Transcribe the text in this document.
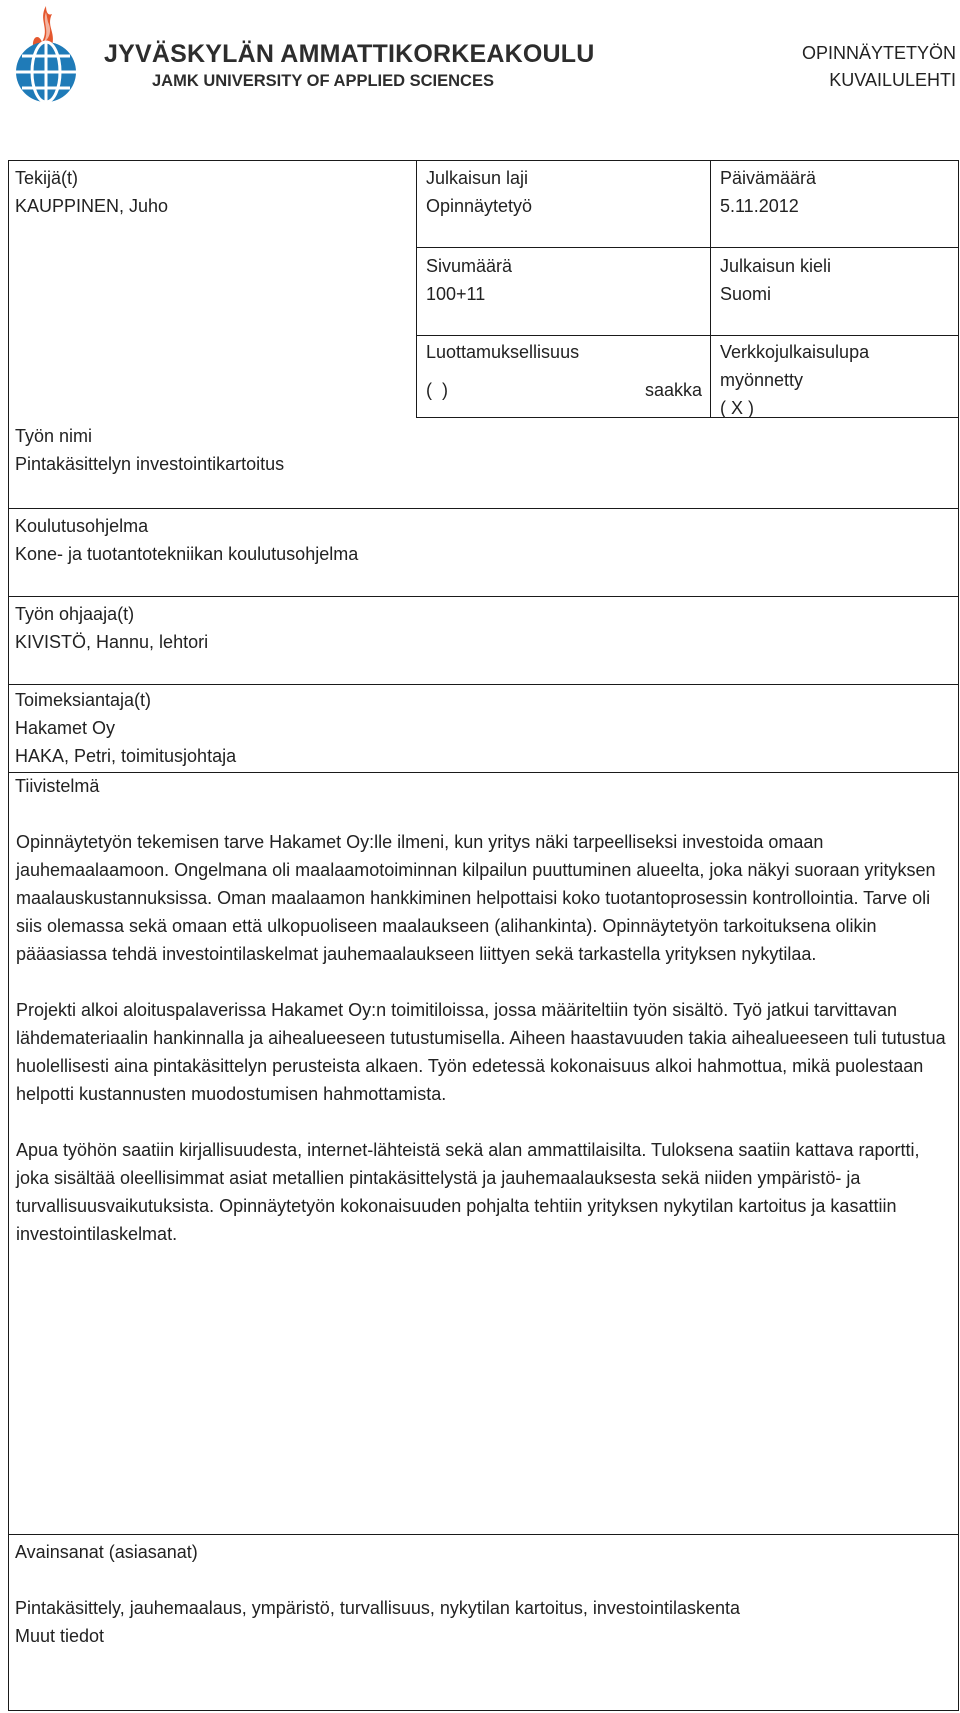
JYVÄSKYLÄN AMMATTIKORKEAKOULU
JAMK UNIVERSITY OF APPLIED SCIENCES
OPINNÄYTETYÖN
KUVAILULEHTI
Tekijä(t)
KAUPPINEN, Juho
Julkaisun laji
Opinnäytetyö
Päivämäärä
5.11.2012
Sivumäärä
100+11
Julkaisun kieli
Suomi
Luottamuksellisuus
(  )	saakka
Verkkojulkaisulupa
myönnetty
( X )
Työn nimi
Pintakäsittelyn investointikartoitus
Koulutusohjelma
Kone- ja tuotantotekniikan koulutusohjelma
Työn ohjaaja(t)
KIVISTÖ, Hannu, lehtori
Toimeksiantaja(t)
Hakamet Oy
HAKA, Petri, toimitusjohtaja
Tiivistelmä

Opinnäytetyön tekemisen tarve Hakamet Oy:lle ilmeni, kun yritys näki tarpeelliseksi investoida omaan jauhemaalaamoon. Ongelmana oli maalaamotoiminnan kilpailun puuttuminen alueelta, joka näkyi suoraan yrityksen maalauskustannuksissa. Oman maalaamon hankkiminen helpottaisi koko tuotantoprosessin kontrollointia. Tarve oli siis olemassa sekä omaan että ulkopuoliseen maalaukseen (alihankinta). Opinnäytetyön tarkoituksena olikin pääasiassa tehdä investointilaskelmat jauhemaalaukseen liittyen sekä tarkastella yrityksen nykytilaa.

Projekti alkoi aloituspalaverissa Hakamet Oy:n toimitiloissa, jossa määriteltiin työn sisältö. Työ jatkui tarvittavan lähdemateriaalin hankinnalla ja aihealueeseen tutustumisella. Aiheen haastavuuden takia aihealueeseen tuli tutustua huolellisesti aina pintakäsittelyn perusteista alkaen. Työn edetessä kokonaisuus alkoi hahmottua, mikä puolestaan helpotti kustannusten muodostumisen hahmottamista.

Apua työhön saatiin kirjallisuudesta, internet-lähteistä sekä alan ammattilaisilta. Tuloksena saatiin kattava raportti, joka sisältää oleellisimmat asiat metallien pintakäsittelystä ja jauhemaalauksesta sekä niiden ympäristö- ja turvallisuusvaikutuksista. Opinnäytetyön kokonaisuuden pohjalta tehtiin yrityksen nykytilan kartoitus ja kasattiin investointilaskelmat.

Avainsanat (asiasanat)
Pintakäsittely, jauhemaalaus, ympäristö, turvallisuus, nykytilan kartoitus, investointilaskenta
Muut tiedot
